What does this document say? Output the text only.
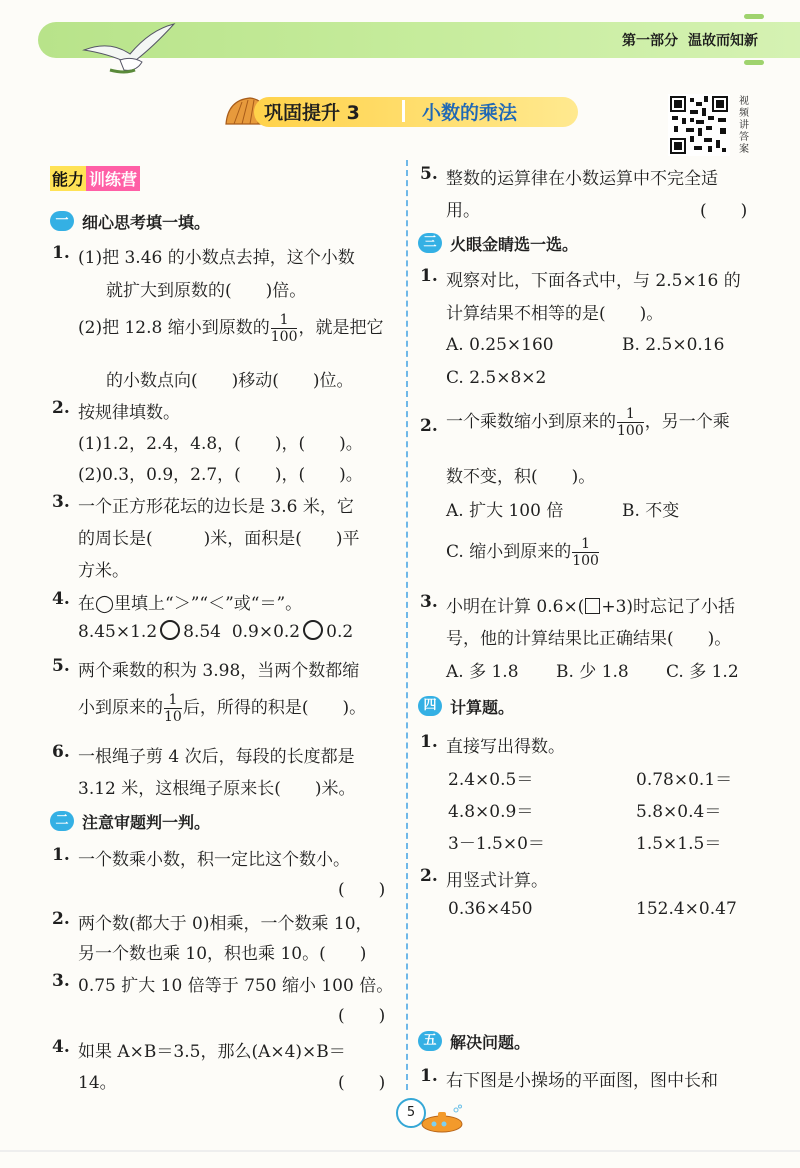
第一部分 温故而知新
巩固提升 3	小数的乘法
视
频
讲
答
案
能力 训练营
一 细心思考填一填。
1. (1)把 3.46 的小数点去掉，这个小数
就扩大到原数的(　　)倍。
(2)把 12.8 缩小到原数的 $\frac{1}{100}$ ，就是把它
的小数点向(　　)移动(　　)位。
2. 按规律填数。
(1)1.2，2.4，4.8，(　　)，(　　)。
(2)0.3，0.9，2.7，(　　)，(　　)。
3. 一个正方形花坛的边长是 3.6 米，它
的周长是(　　　)米，面积是(　　)平
方米。
4. 在◯里填上“＞”“＜”或“＝”。
8.45×1.2 8.54 0.9×0.2 0.2
5. 两个乘数的积为 3.98，当两个数都缩
小到原来的 $\frac{1}{10}$ 后，所得的积是(　　)。
6. 一根绳子剪 4 次后，每段的长度都是
3.12 米，这根绳子原来长(　　)米。
二 注意审题判一判。
1. 一个数乘小数，积一定比这个数小。
(　　)
2. 两个数(都大于 0)相乘，一个数乘 10，
另一个数也乘 10，积也乘 10。(　　)
3. 0.75 扩大 10 倍等于 750 缩小 100 倍。
(　　)
4. 如果 A×B＝3.5，那么(A×4)×B＝
14。	(　　)
5. 整数的运算律在小数运算中不完全适
用。	(　　)
三 火眼金睛选一选。
1. 观察对比，下面各式中，与 2.5×16 的
计算结果不相等的是(　　)。
A. 0.25×160	B. 2.5×0.16
C. 2.5×8×2
2. 一个乘数缩小到原来的 $\frac{1}{100}$ ，另一个乘
数不变，积(　　)。
A. 扩大 100 倍	B. 不变
C. 缩小到原来的 $\frac{1}{100}$
3. 小明在计算 0.6×( +3)时忘记了小括
号，他的计算结果比正确结果(　　)。
A. 多 1.8 B. 少 1.8 C. 多 1.2
四 计算题。
1. 直接写出得数。
2.4×0.5＝	0.78×0.1＝
4.8×0.9＝	5.8×0.4＝
3－1.5×0＝	1.5×1.5＝
2. 用竖式计算。
0.36×450	152.4×0.47
五 解决问题。
1. 右下图是小操场的平面图，图中长和
5
